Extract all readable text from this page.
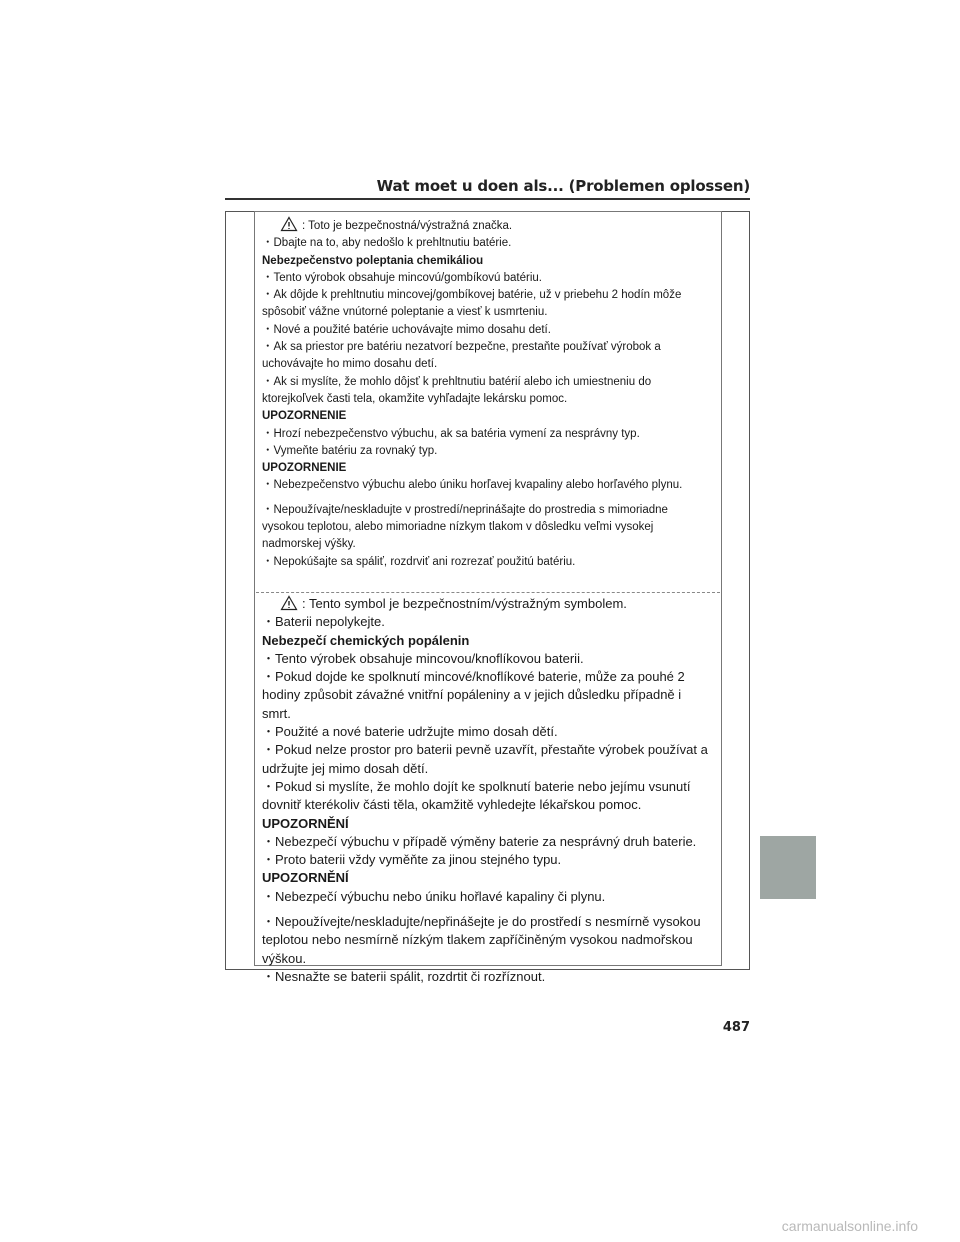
Wat moet u doen als... (Problemen oplossen)
: Toto je bezpečnostná/výstražná značka.
・Dbajte na to, aby nedošlo k prehltnutiu batérie.
Nebezpečenstvo poleptania chemikáliou
・Tento výrobok obsahuje mincovú/gombíkovú batériu.
・Ak dôjde k prehltnutiu mincovej/gombíkovej batérie, už v priebehu 2 hodín môže
spôsobiť vážne vnútorné poleptanie a viesť k usmrteniu.
・Nové a použité batérie uchovávajte mimo dosahu detí.
・Ak sa priestor pre batériu nezatvorí bezpečne, prestaňte používať výrobok a
uchovávajte ho mimo dosahu detí.
・Ak si myslíte, že mohlo dôjsť k prehltnutiu batérií alebo ich umiestneniu do
ktorejkoľvek časti tela, okamžite vyhľadajte lekársku pomoc.
UPOZORNENIE
・Hrozí nebezpečenstvo výbuchu, ak sa batéria vymení za nesprávny typ.
・Vymeňte batériu za rovnaký typ.
UPOZORNENIE
・Nebezpečenstvo výbuchu alebo úniku horľavej kvapaliny alebo horľavého plynu.
・Nepoužívajte/neskladujte v prostredí/neprinášajte do prostredia s mimoriadne
vysokou teplotou, alebo mimoriadne nízkym tlakom v dôsledku veľmi vysokej
nadmorskej výšky.
・Nepokúšajte sa spáliť, rozdrviť ani rozrezať použitú batériu.
: Tento symbol je bezpečnostním/výstražným symbolem.
・Baterii nepolykejte.
Nebezpečí chemických popálenin
・Tento výrobek obsahuje mincovou/knoflíkovou baterii.
・Pokud dojde ke spolknutí mincové/knoflíkové baterie, může za pouhé 2
hodiny způsobit závažné vnitřní popáleniny a v jejich důsledku případně i
smrt.
・Použité a nové baterie udržujte mimo dosah dětí.
・Pokud nelze prostor pro baterii pevně uzavřít, přestaňte výrobek používat a
udržujte jej mimo dosah dětí.
・Pokud si myslíte, že mohlo dojít ke spolknutí baterie nebo jejímu vsunutí
dovnitř kterékoliv části těla, okamžitě vyhledejte lékařskou pomoc.
UPOZORNĚNÍ
・Nebezpečí výbuchu v případě výměny baterie za nesprávný druh baterie.
・Proto baterii vždy vyměňte za jinou stejného typu.
UPOZORNĚNÍ
・Nebezpečí výbuchu nebo úniku hořlavé kapaliny či plynu.
・Nepoužívejte/neskladujte/nepřinášejte je do prostředí s nesmírně vysokou
teplotou nebo nesmírně nízkým tlakem zapříčiněným vysokou nadmořskou
výškou.
・Nesnažte se baterii spálit, rozdrtit či rozříznout.
487
carmanualsonline.info
